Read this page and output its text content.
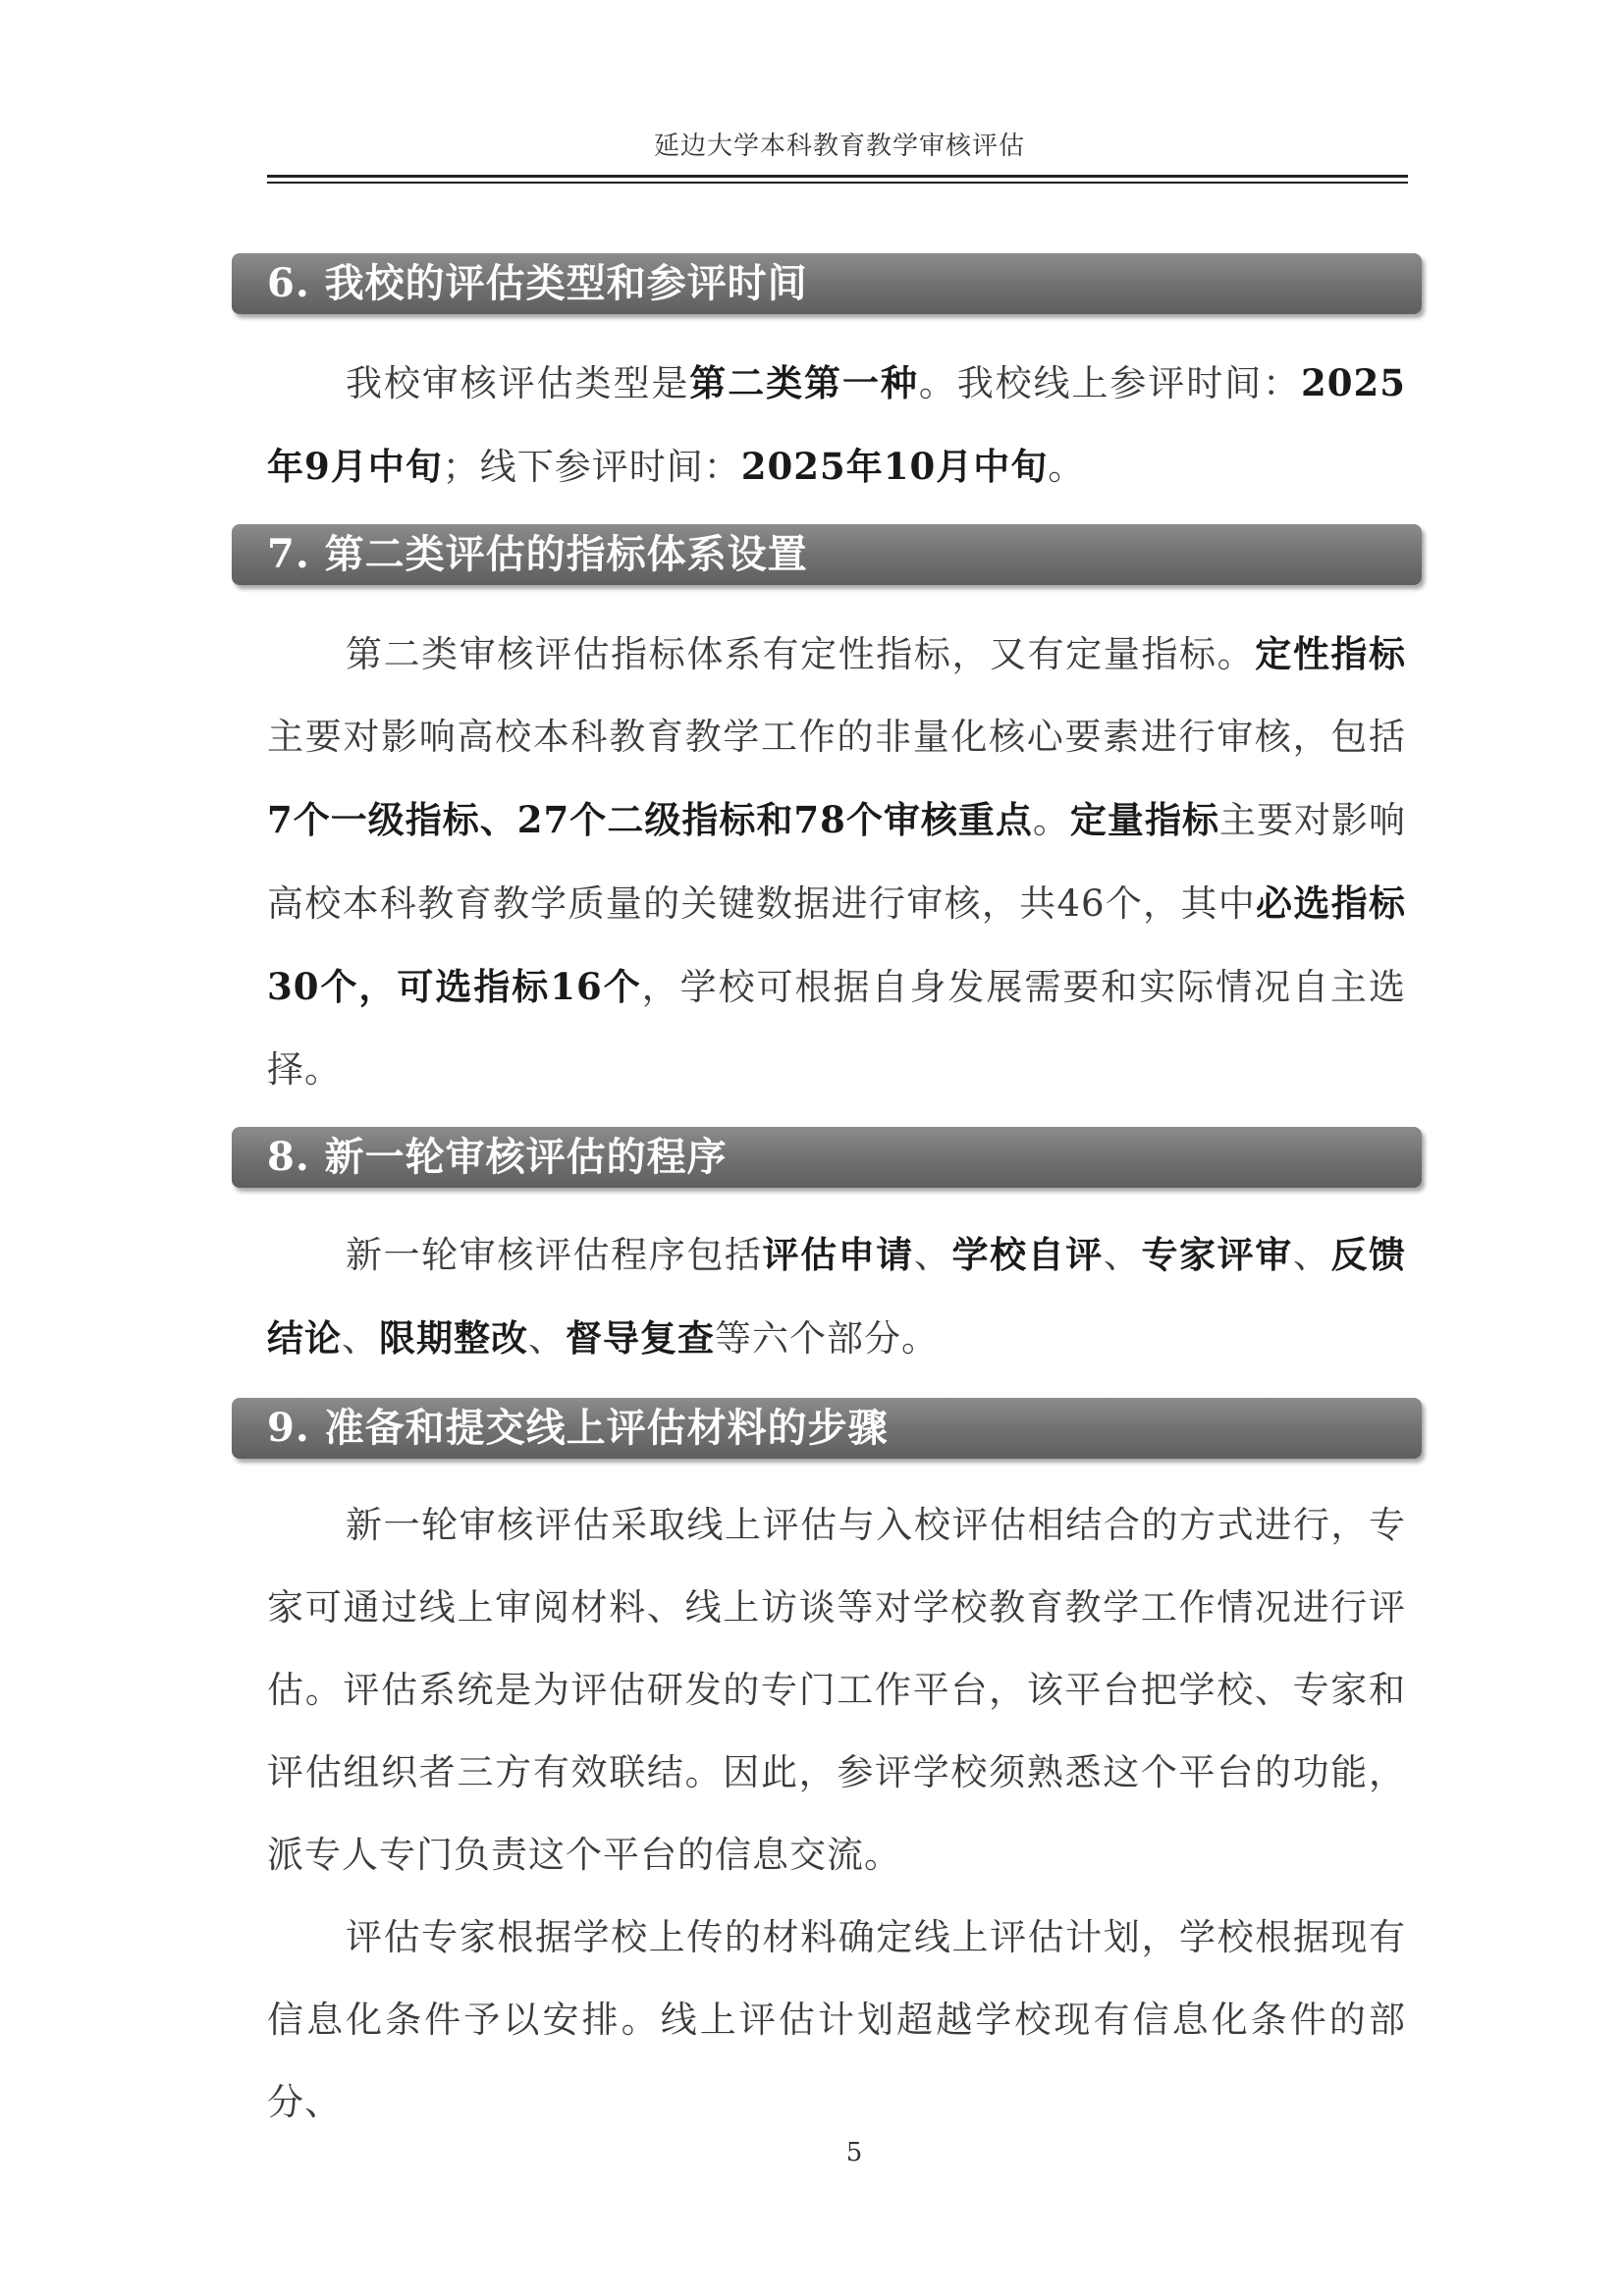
延边大学本科教育教学审核评估
6. 我校的评估类型和参评时间
我校审核评估类型是第二类第一种。我校线上参评时间：2025年9月中旬；线下参评时间：2025年10月中旬。
7. 第二类评估的指标体系设置
第二类审核评估指标体系有定性指标，又有定量指标。定性指标主要对影响高校本科教育教学工作的非量化核心要素进行审核，包括7个一级指标、27个二级指标和78个审核重点。定量指标主要对影响高校本科教育教学质量的关键数据进行审核，共46个，其中必选指标30个，可选指标16个，学校可根据自身发展需要和实际情况自主选择。
8. 新一轮审核评估的程序
新一轮审核评估程序包括评估申请、学校自评、专家评审、反馈结论、限期整改、督导复查等六个部分。
9. 准备和提交线上评估材料的步骤
新一轮审核评估采取线上评估与入校评估相结合的方式进行，专家可通过线上审阅材料、线上访谈等对学校教育教学工作情况进行评估。评估系统是为评估研发的专门工作平台，该平台把学校、专家和评估组织者三方有效联结。因此，参评学校须熟悉这个平台的功能，派专人专门负责这个平台的信息交流。
评估专家根据学校上传的材料确定线上评估计划，学校根据现有信息化条件予以安排。线上评估计划超越学校现有信息化条件的部分、
5
